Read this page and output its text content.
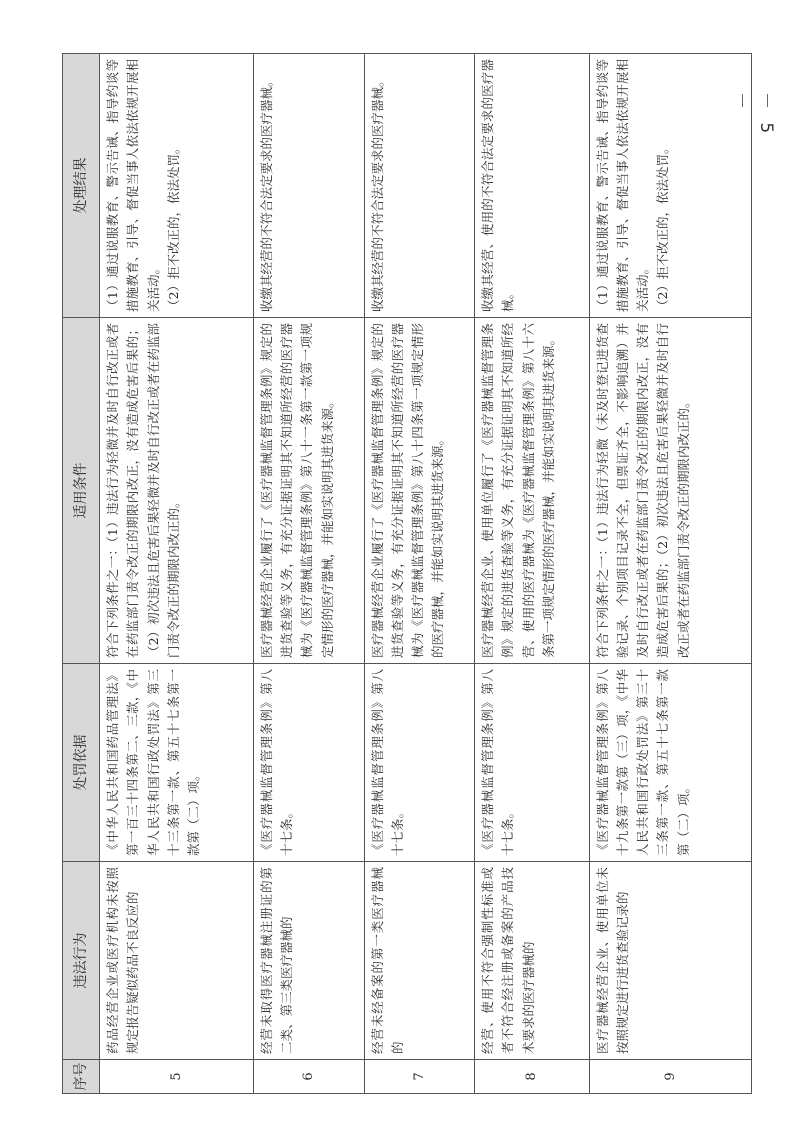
－ 5 －
序号	违法行为	处罚依据	适用条件	处理结果
5	药品经营企业或医疗机构未按照规定报告疑似药品不良反应的	《中华人民共和国药品管理法》第一百三十四条第二、三款，《中华人民共和国行政处罚法》第三十三条第一款、第五十七条第一款第（二）项。	符合下列条件之一：（1）违法行为轻微并及时自行改正或者在药监部门责令改正的期限内改正，没有造成危害后果的；（2）初次违法且危害后果轻微并及时自行改正或者在药监部门责令改正的期限内改正的。	（1）通过说服教育、警示告诫、指导约谈等措施教育、引导、督促当事人依法依规开展相关活动。 （2）拒不改正的，依法处罚。

6	经营未取得医疗器械注册证的第二类、第三类医疗器械的	《医疗器械监督管理条例》第八十七条。	医疗器械经营企业履行了《医疗器械监督管理条例》规定的进货查验等义务，有充分证据证明其不知道所经营的医疗器械为《医疗器械监督管理条例》第八十一条第一款第一项规定情形的医疗器械，并能如实说明其进货来源。	收缴其经营的不符合法定要求的医疗器械。

7	经营未经备案的第一类医疗器械的	《医疗器械监督管理条例》第八十七条。	医疗器械经营企业履行了《医疗器械监督管理条例》规定的进货查验等义务，有充分证据证明其不知道所经营的医疗器械为《医疗器械监督管理条例》第八十四条第一项规定情形的医疗器械，并能如实说明其进货来源。	收缴其经营的不符合法定要求的医疗器械。

8	经营、使用不符合强制性标准或者不符合经注册或备案的产品技术要求的医疗器械的	《医疗器械监督管理条例》第八十七条。	医疗器械经营企业、使用单位履行了《医疗器械监督管理条例》规定的进货查验等义务，有充分证据证明其不知道所经营、使用的医疗器械为《医疗器械监督管理条例》第八十六条第一项规定情形的医疗器械，并能如实说明其进货来源。	收缴其经营、使用的不符合法定要求的医疗器械。

9	医疗器械经营企业、使用单位未按照规定进行进货查验记录的	《医疗器械监督管理条例》第八十九条第一款第（三）项，《中华人民共和国行政处罚法》第三十三条第一款、第五十七条第一款第（二）项。	符合下列条件之一：（1）违法行为轻微（未及时登记进货查验记录、个别项目记录不全，但票证齐全，不影响追溯）并及时自行改正或者在药监部门责令改正的期限内改正，没有造成危害后果的；（2）初次违法且危害后果轻微并及时自行改正或者在药监部门责令改正的期限内改正的。	（1）通过说服教育、警示告诫、指导约谈等措施教育、引导、督促当事人依法依规开展相关活动。 （2）拒不改正的，依法处罚。
